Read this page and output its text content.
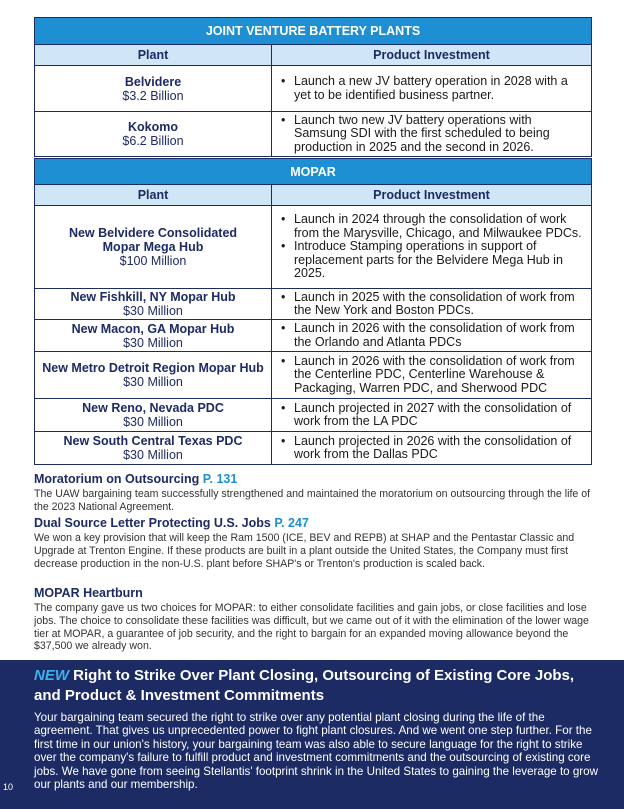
JOINT VENTURE BATTERY PLANTS
Plant	Product Investment
Belvidere
$3.2 Billion
• Launch a new JV battery operation in 2028 with a yet to be identified business partner.
Kokomo
$6.2 Billion
• Launch two new JV battery operations with Samsung SDI with the first scheduled to being production in 2025 and the second in 2026.
MOPAR
Plant	Product Investment
New Belvidere Consolidated Mopar Mega Hub
$100 Million
• Launch in 2024 through the consolidation of work from the Marysville, Chicago, and Milwaukee PDCs.
• Introduce Stamping operations in support of replacement parts for the Belvidere Mega Hub in 2025.
New Fishkill, NY Mopar Hub
$30 Million
• Launch in 2025 with the consolidation of work from the New York and Boston PDCs.
New Macon, GA Mopar Hub
$30 Million
• Launch in 2026 with the consolidation of work from the Orlando and Atlanta PDCs
New Metro Detroit Region Mopar Hub
$30 Million
• Launch in 2026 with the consolidation of work from the Centerline PDC, Centerline Warehouse & Packaging, Warren PDC, and Sherwood PDC
New Reno, Nevada PDC
$30 Million
• Launch projected in 2027 with the consolidation of work from the LA PDC
New South Central Texas PDC
$30 Million
• Launch projected in 2026 with the consolidation of work from the Dallas PDC
Moratorium on Outsourcing P. 131

The UAW bargaining team successfully strengthened and maintained the moratorium on outsourcing through the life of the 2023 National Agreement.

Dual Source Letter Protecting U.S. Jobs P. 247

We won a key provision that will keep the Ram 1500 (ICE, BEV and REPB) at SHAP and the Pentastar Classic and Upgrade at Trenton Engine. If these products are built in a plant outside the United States, the Company must first decrease production in the non-U.S. plant before SHAP's or Trenton's production is scaled back.

MOPAR Heartburn

The company gave us two choices for MOPAR: to either consolidate facilities and gain jobs, or close facilities and lose jobs. The choice to consolidate these facilities was difficult, but we came out of it with the elimination of the lower wage tier at MOPAR, a guarantee of job security, and the right to bargain for an expanded moving allowance beyond the $37,500 we already won.

NEW Right to Strike Over Plant Closing, Outsourcing of Existing Core Jobs, and Product & Investment Commitments

Your bargaining team secured the right to strike over any potential plant closing during the life of the agreement. That gives us unprecedented power to fight plant closures. And we went one step further. For the first time in our union's history, your bargaining team was also able to secure language for the right to strike over the company's failure to fulfill product and investment commitments and the outsourcing of existing core jobs. We have gone from seeing Stellantis' footprint shrink in the United States to gaining the leverage to grow our plants and our membership.

10
